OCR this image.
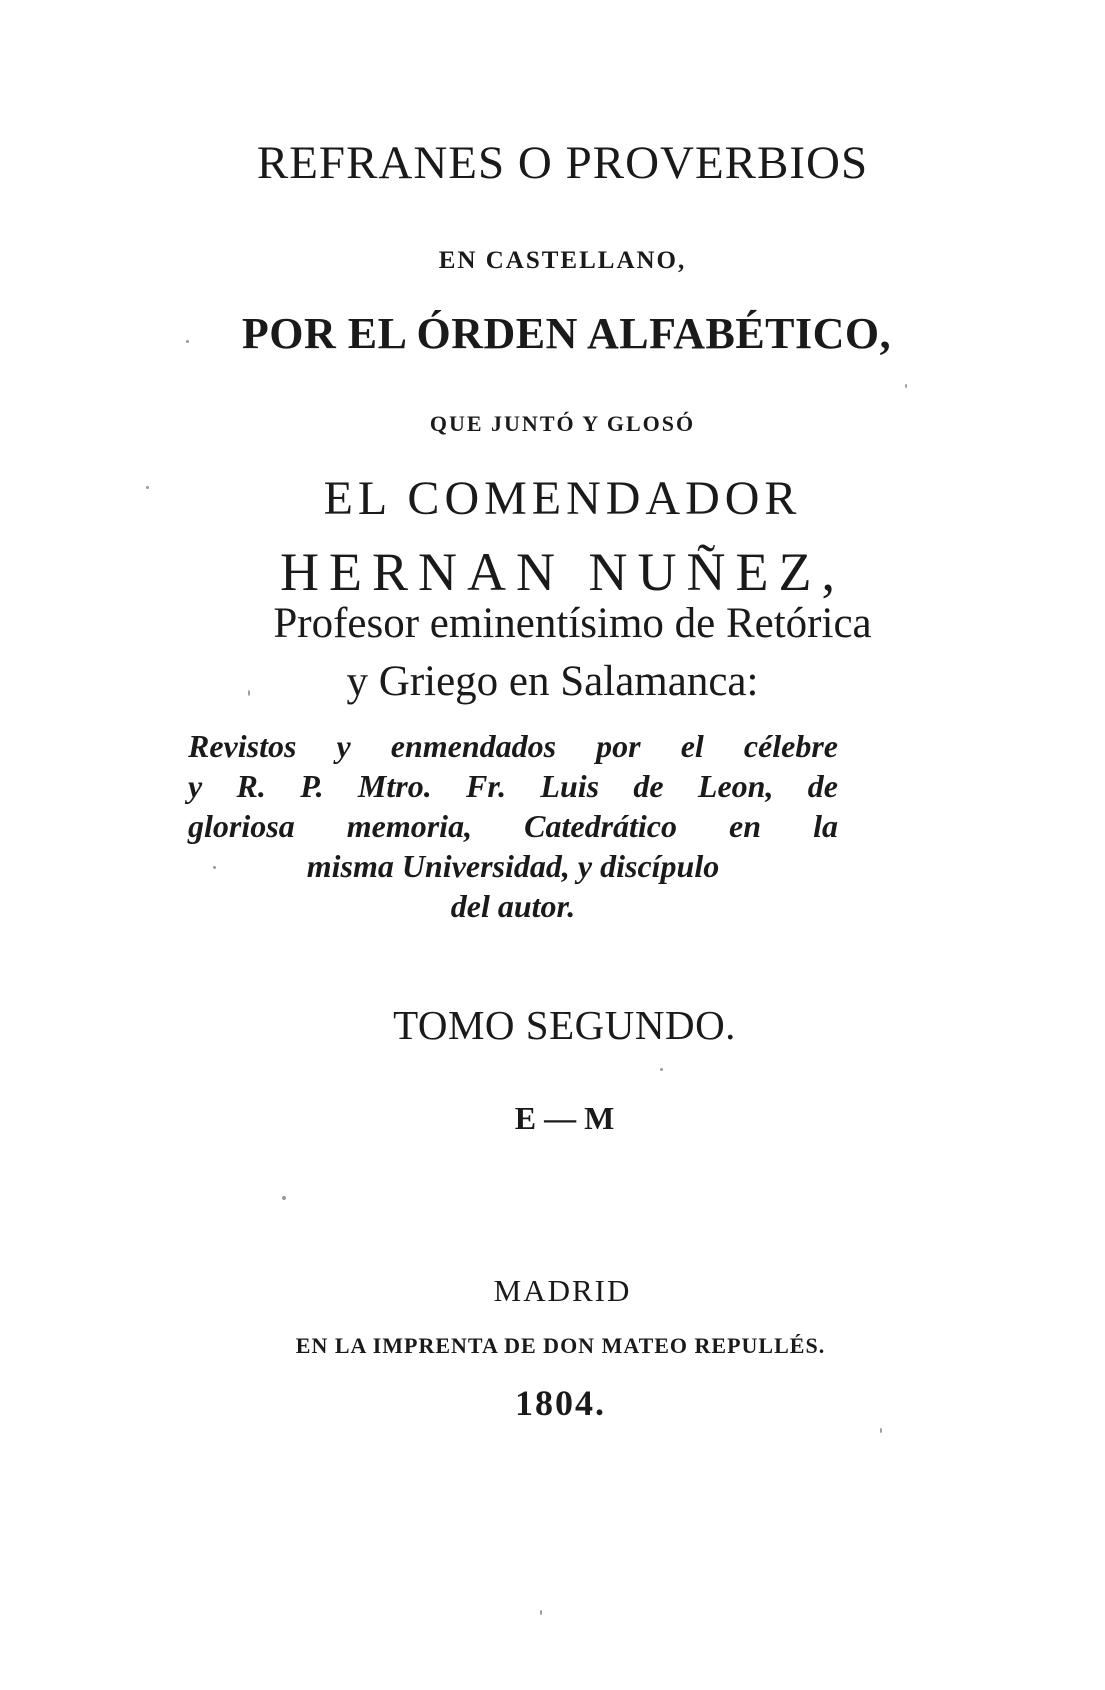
REFRANES O PROVERBIOS
EN CASTELLANO,
POR EL ÓRDEN ALFABÉTICO,
QUE JUNTÓ Y GLOSÓ
EL COMENDADOR
HERNAN NUÑEZ,
Profesor eminentísimo de Retórica
y Griego en Salamanca:
Revistos y enmendados por el célebre
y R. P. Mtro. Fr. Luis de Leon, de
gloriosa memoria, Catedrático en la
misma Universidad, y discípulo
del autor.
TOMO SEGUNDO.
E — M
MADRID
EN LA IMPRENTA DE DON MATEO REPULLÉS.
1804.
